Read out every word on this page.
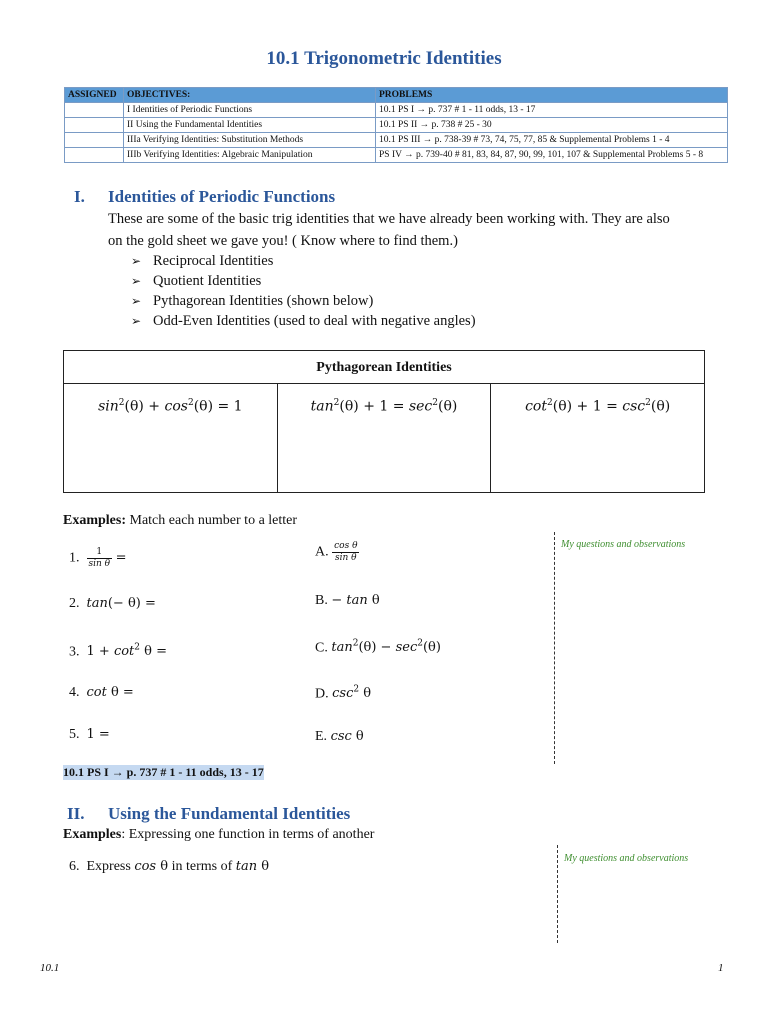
10.1 Trigonometric Identities
ASSIGNED	OBJECTIVES:	PROBLEMS
	I Identities of Periodic Functions	10.1 PS I → p. 737 # 1 - 11 odds, 13 - 17
	II Using the Fundamental Identities	10.1 PS II → p. 738 # 25 - 30
	IIIa Verifying Identities: Substitution Methods	10.1 PS III → p. 738-39 # 73, 74, 75, 77, 85 & Supplemental Problems 1 - 4
	IIIb Verifying Identities: Algebraic Manipulation	PS IV → p. 739-40 # 81, 83, 84, 87, 90, 99, 101, 107 & Supplemental Problems 5 - 8
I. Identities of Periodic Functions
These are some of the basic trig identities that we have already been working with. They are also
on the gold sheet we gave you! ( Know where to find them.)
➢ Reciprocal Identities
➢ Quotient Identities
➢ Pythagorean Identities (shown below)
➢ Odd-Even Identities (used to deal with negative angles)
Pythagorean Identities
$\sin^2(\theta) + \cos^2(\theta) = 1$	$\tan^2(\theta) + 1 = \sec^2(\theta)$	$\cot^2(\theta) + 1 = \csc^2(\theta)$
Examples: Match each number to a letter
My questions and observations
1. $\frac{1}{\text{sin θ}}$ =
2. tan(− θ) =
3. $1 + \cot^2 \theta$ =
4. cot θ =
5. 1 =
A. $\frac{\text{cos θ}}{\text{sin θ}}$
B. − tan θ
C. $\tan^2(\theta) - \sec^2(\theta)$
D. $\csc^2 \theta$
E. csc θ
10.1 PS I → p. 737 # 1 - 11 odds, 13 - 17
II. Using the Fundamental Identities
Examples: Expressing one function in terms of another
6. Express cos θ in terms of tan θ
My questions and observations
10.1	1
